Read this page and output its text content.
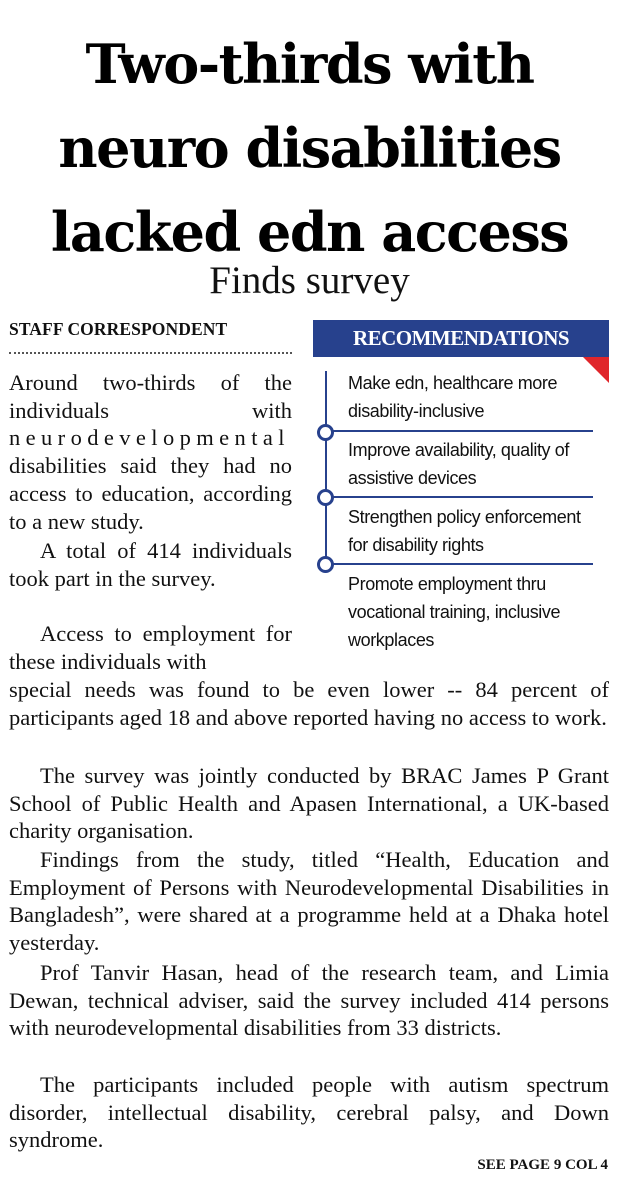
Two-thirds with
neuro disabilities
lacked edn access
Finds survey
STAFF CORRESPONDENT	RECOMMENDATIONS
Make edn, healthcare more disability-inclusive
Improve availability, quality of assistive devices
Strengthen policy enforcement for disability rights
Promote employment thru vocational training, inclusive workplaces
Around two-thirds of the individuals with neurodevelopmental disabilities said they had no access to education, according to a new study.
A total of 414 individuals took part in the survey.
Access to employment for these individuals with
special needs was found to be even lower -- 84 percent of participants aged 18 and above reported having no access to work.
The survey was jointly conducted by BRAC James P Grant School of Public Health and Apasen International, a UK-based charity organisation.
Findings from the study, titled “Health, Education and Employment of Persons with Neurodevelopmental Disabilities in Bangladesh”, were shared at a programme held at a Dhaka hotel yesterday.
Prof Tanvir Hasan, head of the research team, and Limia Dewan, technical adviser, said the survey included 414 persons with neurodevelopmental disabilities from 33 districts.
The participants included people with autism spectrum disorder, intellectual disability, cerebral palsy, and Down syndrome.
SEE PAGE 9 COL 4
